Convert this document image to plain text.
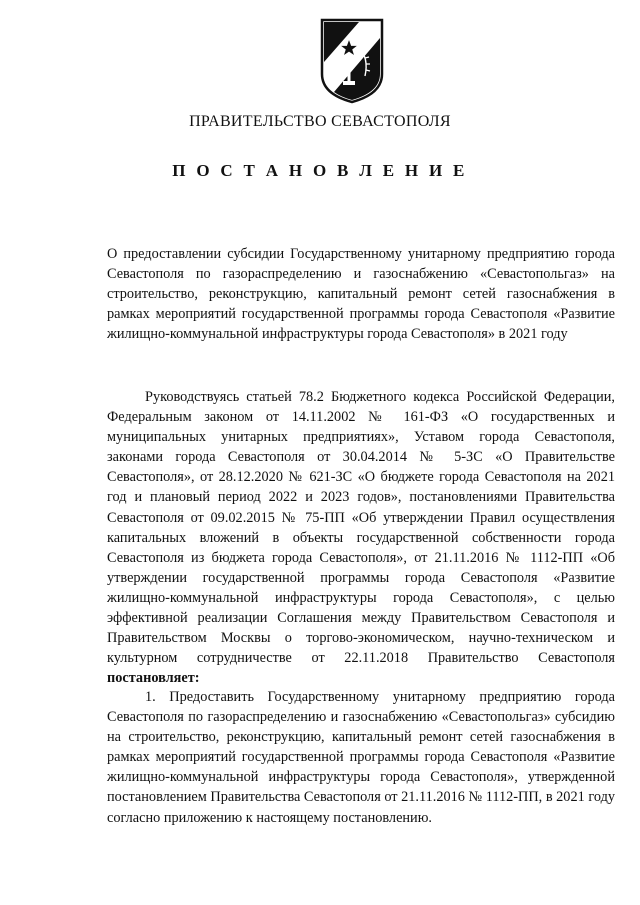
ПРАВИТЕЛЬСТВО СЕВАСТОПОЛЯ
П О С Т А Н О В Л Е Н И Е
О предоставлении субсидии Государственному унитарному предприятию города Севастополя по газораспределению и газоснабжению «Севастопольгаз» на строительство, реконструкцию, капитальный ремонт сетей газоснабжения в рамках мероприятий государственной программы города Севастополя «Развитие жилищно-коммунальной инфраструктуры города Севастополя» в 2021 году
Руководствуясь статьей 78.2 Бюджетного кодекса Российской Федерации, Федеральным законом от 14.11.2002 № 161-ФЗ «О государственных и муниципальных унитарных предприятиях», Уставом города Севастополя, законами города Севастополя от 30.04.2014 № 5-ЗС «О Правительстве Севастополя», от 28.12.2020 № 621-ЗС «О бюджете города Севастополя на 2021 год и плановый период 2022 и 2023 годов», постановлениями Правительства Севастополя от 09.02.2015 № 75-ПП «Об утверждении Правил осуществления капитальных вложений в объекты государственной собственности города Севастополя из бюджета города Севастополя», от 21.11.2016 № 1112-ПП «Об утверждении государственной программы города Севастополя «Развитие жилищно-коммунальной инфраструктуры города Севастополя», с целью эффективной реализации Соглашения между Правительством Севастополя и Правительством Москвы о торгово-экономическом, научно-техническом и культурном сотрудничестве от 22.11.2018 Правительство Севастополя постановляет:
1. Предоставить Государственному унитарному предприятию города Севастополя по газораспределению и газоснабжению «Севастопольгаз» субсидию на строительство, реконструкцию, капитальный ремонт сетей газоснабжения в рамках мероприятий государственной программы города Севастополя «Развитие жилищно-коммунальной инфраструктуры города Севастополя», утвержденной постановлением Правительства Севастополя от 21.11.2016 № 1112-ПП, в 2021 году согласно приложению к настоящему постановлению.
